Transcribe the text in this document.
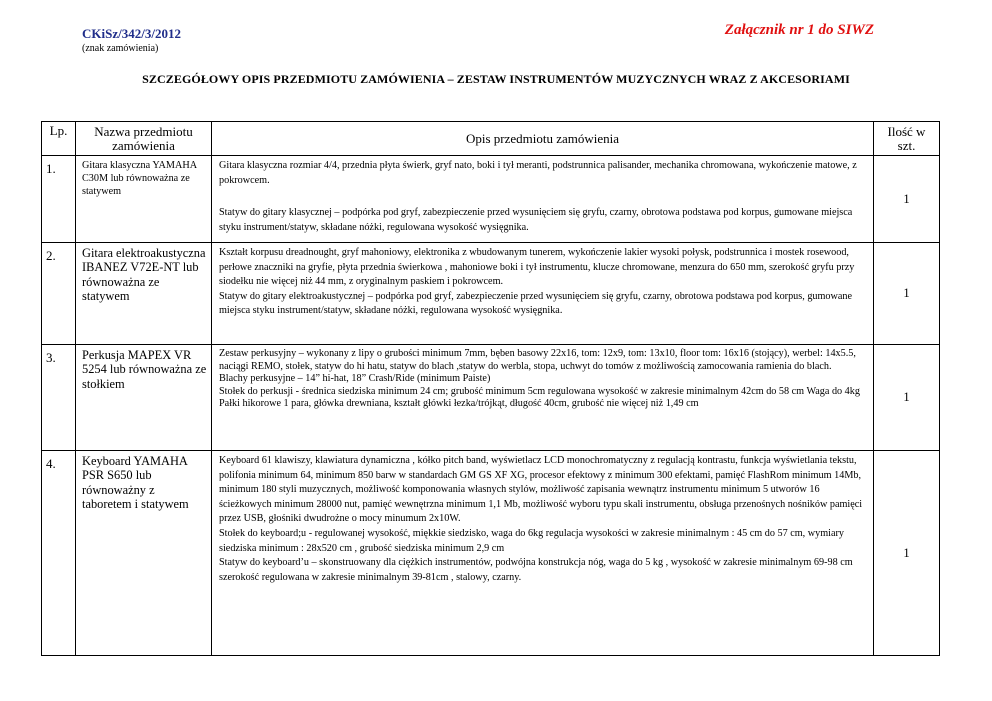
CKiSz/342/3/2012
(znak zamówienia)
Załącznik nr 1 do SIWZ
SZCZEGÓŁOWY OPIS PRZEDMIOTU ZAMÓWIENIA – ZESTAW INSTRUMENTÓW MUZYCZNYCH WRAZ Z AKCESORIAMI
Lp.	Nazwa przedmiotu zamówienia	Opis przedmiotu zamówienia	Ilość w szt.
1.	Gitara klasyczna YAMAHA C30M lub równoważna ze statywem	Gitara klasyczna rozmiar 4/4, przednia płyta świerk, gryf nato, boki i tył meranti, podstrunnica palisander, mechanika chromowana, wykończenie matowe, z pokrowcem.

Statyw do gitary klasycznej – podpórka pod gryf, zabezpieczenie przed wysunięciem się gryfu, czarny, obrotowa podstawa pod korpus, gumowane miejsca styku instrument/statyw, składane nóżki, regulowana wysokość wysięgnika.	1
2.	Gitara elektroakustyczna IBANEZ V72E-NT lub równoważna ze statywem	Kształt korpusu dreadnought, gryf mahoniowy, elektronika z wbudowanym tunerem, wykończenie lakier wysoki połysk, podstrunnica i mostek rosewood, perłowe znaczniki na gryfie, płyta przednia świerkowa , mahoniowe boki i tył instrumentu, klucze chromowane, menzura do 650 mm, szerokość gryfu przy siodełku nie więcej niż 44 mm, z oryginalnym paskiem i pokrowcem.

Statyw do gitary elektroakustycznej – podpórka pod gryf, zabezpieczenie przed wysunięciem się gryfu, czarny, obrotowa podstawa pod korpus, gumowane miejsca styku instrument/statyw, składane nóżki, regulowana wysokość wysięgnika.	1
3.	Perkusja MAPEX VR 5254 lub równoważna ze stołkiem	Zestaw perkusyjny – wykonany z lipy o grubości minimum 7mm, bęben basowy 22x16, tom: 12x9, tom: 13x10, floor tom: 16x16 (stojący), werbel: 14x5.5, naciągi REMO, stołek, statyw do hi hatu, statyw do blach ,statyw do werbla, stopa, uchwyt do tomów z możliwością zamocowania ramienia do blach.

Blachy perkusyjne – 14” hi-hat, 18” Crash/Ride (minimum Paiste)

Stołek do perkusji - średnica siedziska minimum 24 cm; grubość minimum 5cm regulowana wysokość w zakresie minimalnym 42cm do 58 cm Waga do 4kg

Pałki hikorowe 1 para, główka drewniana, kształt główki łezka/trójkąt, długość 40cm, grubość nie więcej niż 1,49 cm	1
4.	Keyboard YAMAHA PSR S650 lub równoważny z taboretem i statywem	Keyboard 61 klawiszy, klawiatura dynamiczna , kółko pitch band, wyświetlacz LCD monochromatyczny z regulacją kontrastu, funkcja wyświetlania tekstu, polifonia minimum 64, minimum 850 barw w standardach GM GS XF XG, procesor efektowy z minimum 300 efektami, pamięć FlashRom minimum 14Mb, minimum 180 styli muzycznych, możliwość komponowania własnych stylów, możliwość zapisania wewnątrz instrumentu minimum 5 utworów 16 ścieżkowych minimum 28000 nut, pamięć wewnętrzna minimum 1,1 Mb, możliwość wyboru typu skali instrumentu, obsługa przenośnych nośników pamięci przez USB, głośniki dwudrożne o mocy minumum 2x10W.

Stołek do keyboard;u - regulowanej wysokość, miękkie siedzisko, waga do 6kg regulacja wysokości w zakresie minimalnym : 45 cm do 57 cm, wymiary siedziska minimum : 28x520 cm , grubość siedziska minimum 2,9 cm

Statyw do keyboard’u – skonstruowany dla ciężkich instrumentów, podwójna konstrukcja nóg, waga do 5 kg , wysokość w zakresie minimalnym 69-98 cm szerokość regulowana w zakresie minimalnym 39-81cm , stalowy, czarny.	1
